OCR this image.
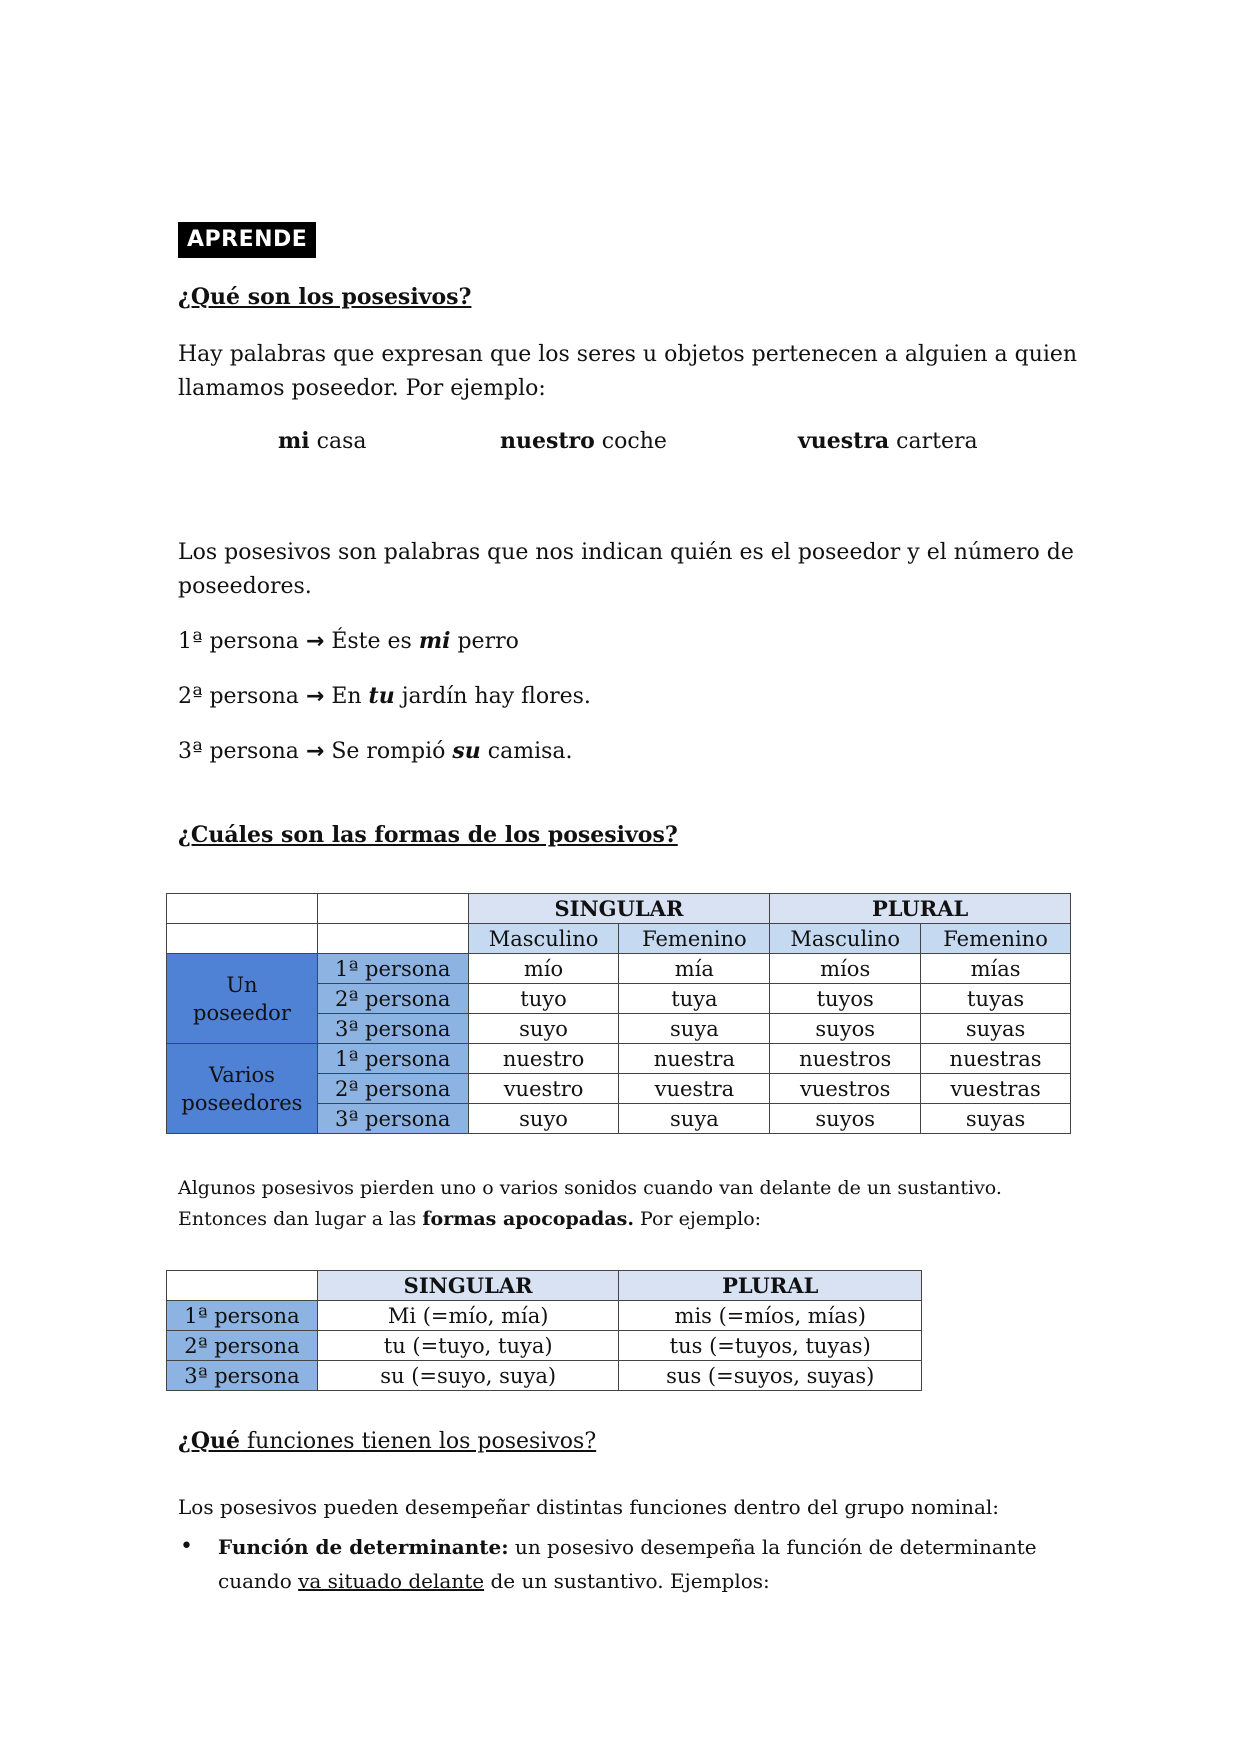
APRENDE
¿Qué son los posesivos?
Hay palabras que expresan que los seres u objetos pertenecen a alguien a quien
llamamos poseedor. Por ejemplo:
mi casa	nuestro coche	vuestra cartera
Los posesivos son palabras que nos indican quién es el poseedor y el número de
poseedores.
1ª persona → Éste es mi perro
2ª persona → En tu jardín hay flores.
3ª persona → Se rompió su camisa.
¿Cuáles son las formas de los posesivos?
		SINGULAR		PLURAL	
		Masculino	Femenino	Masculino	Femenino

Un
poseedor	1ª persona	mío	mía	míos	mías
	2ª persona	tuyo	tuya	tuyos	tuyas
	3ª persona	suyo	suya	suyos	suyas

Varios
poseedores	1ª persona	nuestro	nuestra	nuestros	nuestras
	2ª persona	vuestro	vuestra	vuestros	vuestras
	3ª persona	suyo	suya	suyos	suyas
Algunos posesivos pierden uno o varios sonidos cuando van delante de un sustantivo.
Entonces dan lugar a las formas apocopadas. Por ejemplo:
	SINGULAR	PLURAL
1ª persona	Mi (=mío, mía)	mis (=míos, mías)
2ª persona	tu (=tuyo, tuya)	tus (=tuyos, tuyas)
3ª persona	su (=suyo, suya)	sus (=suyos, suyas)
¿Qué funciones tienen los posesivos?
Los posesivos pueden desempeñar distintas funciones dentro del grupo nominal:
• Función de determinante: un posesivo desempeña la función de determinante
cuando va situado delante de un sustantivo. Ejemplos:
